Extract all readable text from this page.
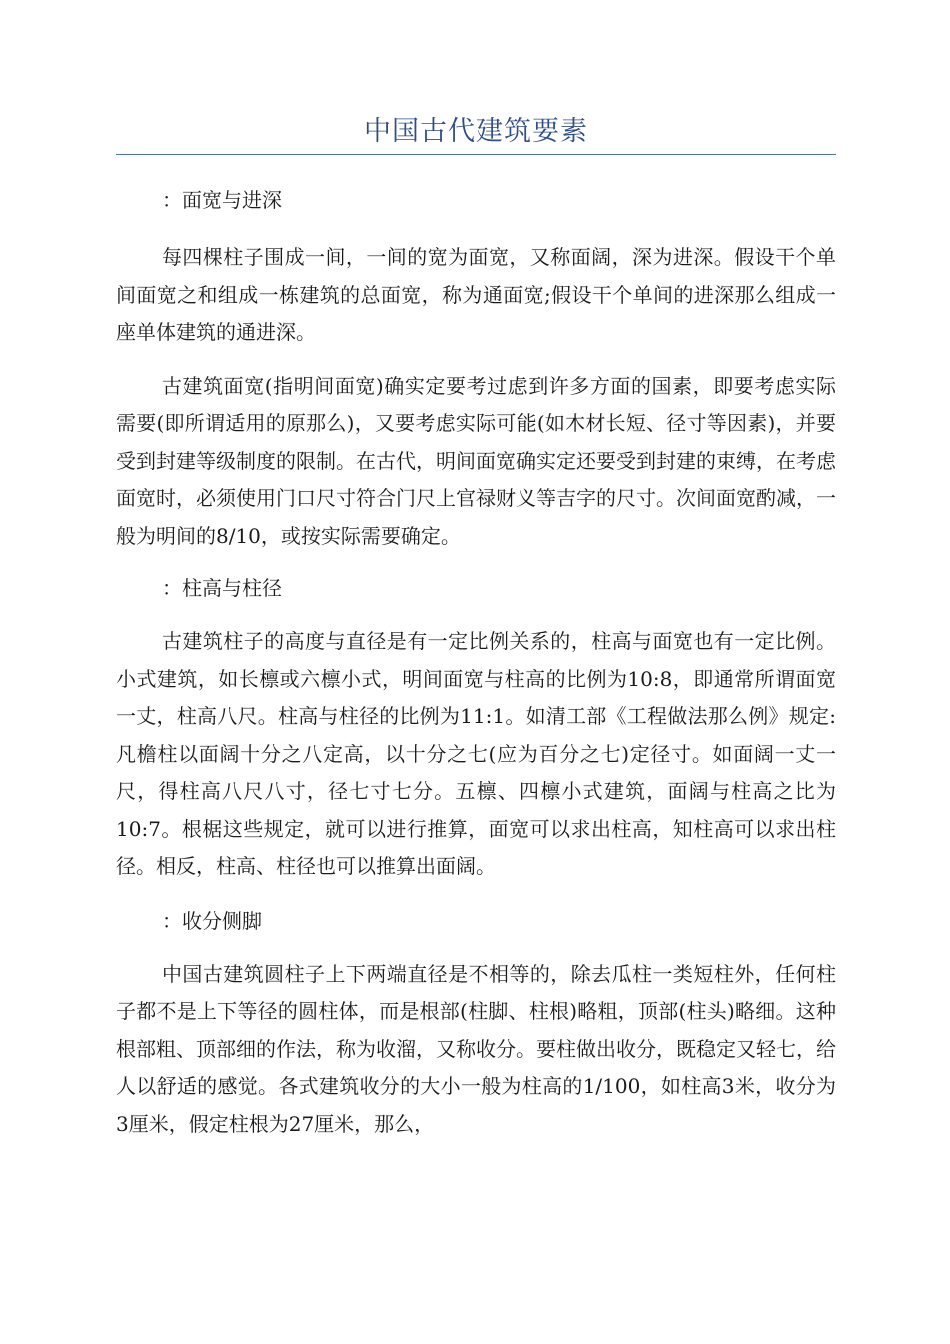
中国古代建筑要素

：面宽与进深

每四棵柱子围成一间，一间的宽为面宽，又称面阔，深为进深。假设干个单间面宽之和组成一栋建筑的总面宽，称为通面宽;假设干个单间的进深那么组成一座单体建筑的通进深。

古建筑面宽(指明间面宽)确实定要考过虑到许多方面的国素，即要考虑实际需要(即所谓适用的原那么)，又要考虑实际可能(如木材长短、径寸等因素)，并要受到封建等级制度的限制。在古代，明间面宽确实定还要受到封建的束缚，在考虑面宽时，必须使用门口尺寸符合门尺上官禄财义等吉字的尺寸。次间面宽酌减，一般为明间的8/10，或按实际需要确定。

：柱高与柱径

古建筑柱子的高度与直径是有一定比例关系的，柱高与面宽也有一定比例。小式建筑，如长檩或六檩小式，明间面宽与柱高的比例为10:8，即通常所谓面宽一丈，柱高八尺。柱高与柱径的比例为11:1。如清工部《工程做法那么例》规定:凡檐柱以面阔十分之八定高，以十分之七(应为百分之七)定径寸。如面阔一丈一尺，得柱高八尺八寸，径七寸七分。五檩、四檩小式建筑，面阔与柱高之比为10:7。根椐这些规定，就可以进行推算，面宽可以求出柱高，知柱高可以求出柱径。相反，柱高、柱径也可以推算出面阔。

：收分侧脚

中国古建筑圆柱子上下两端直径是不相等的，除去瓜柱一类短柱外，任何柱子都不是上下等径的圆柱体，而是根部(柱脚、柱根)略粗，顶部(柱头)略细。这种根部粗、顶部细的作法，称为收溜，又称收分。要柱做出收分，既稳定又轻七，给人以舒适的感觉。各式建筑收分的大小一般为柱高的1/100，如柱高3米，收分为3厘米，假定柱根为27厘米，那么，
